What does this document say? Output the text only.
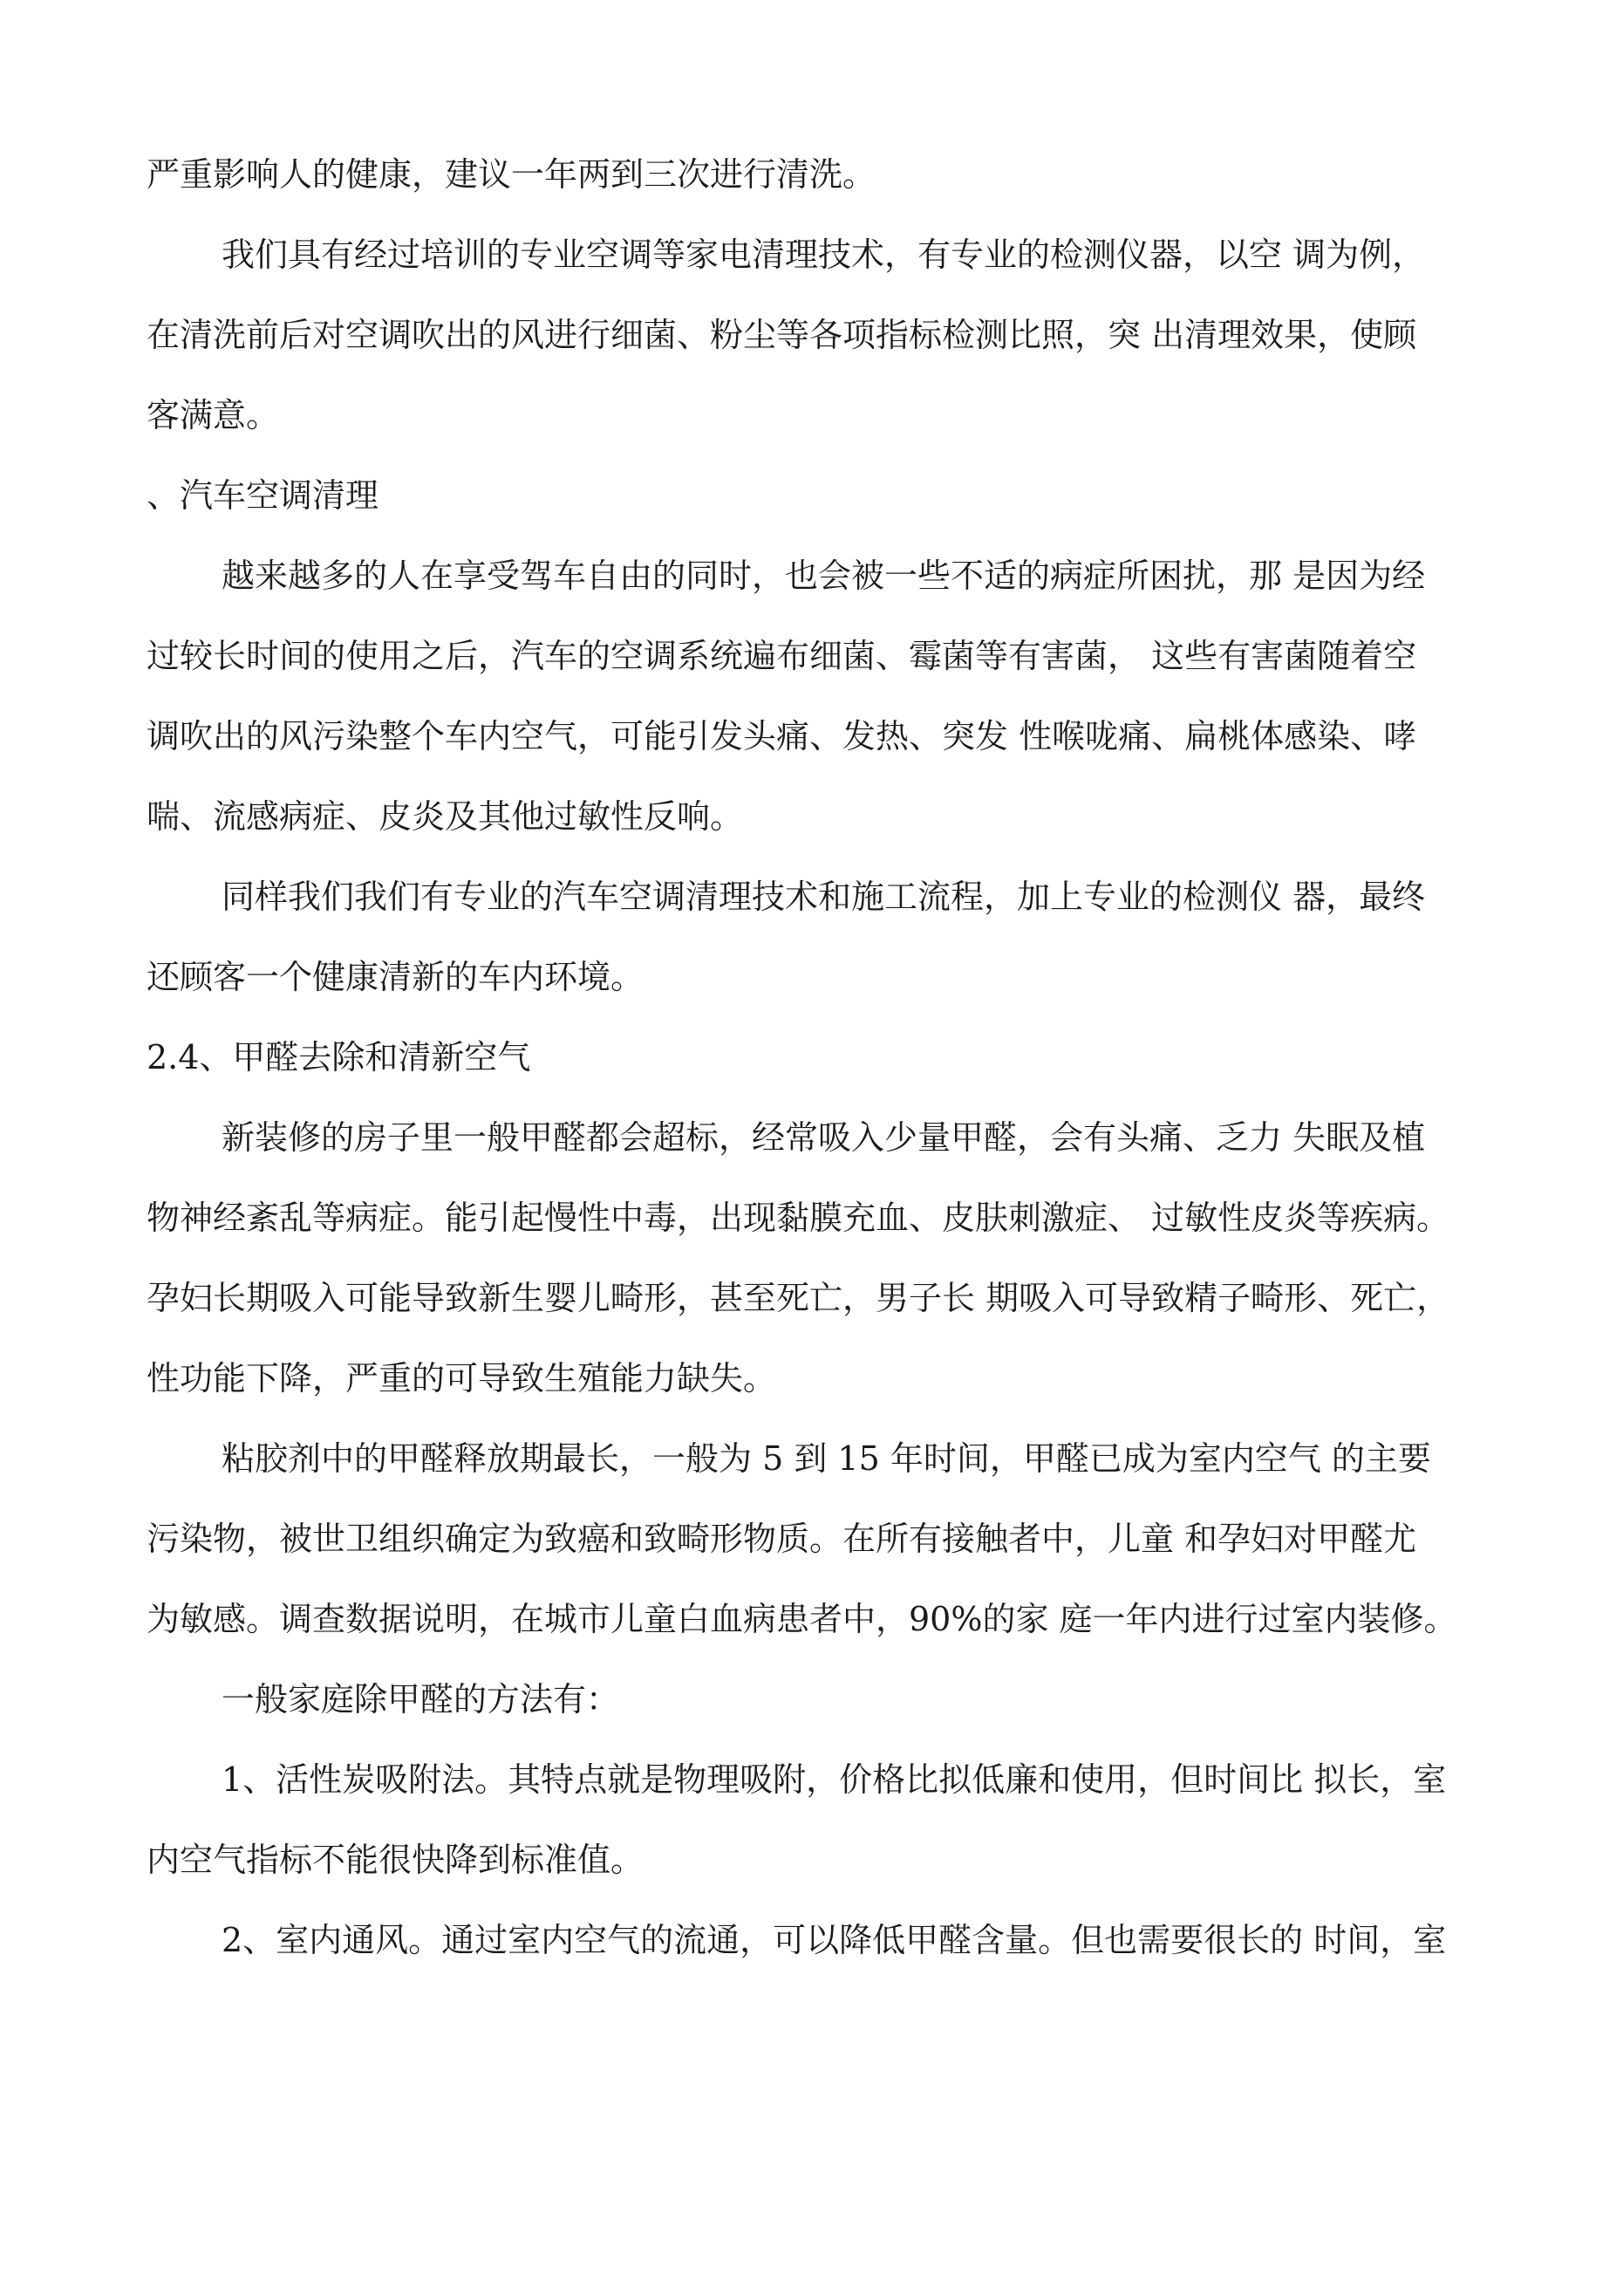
严重影响人的健康，建议一年两到三次进行清洗。
我们具有经过培训的专业空调等家电清理技术，有专业的检测仪器，以空 调为例，
在清洗前后对空调吹出的风进行细菌、粉尘等各项指标检测比照，突 出清理效果，使顾
客满意。
、汽车空调清理
越来越多的人在享受驾车自由的同时，也会被一些不适的病症所困扰，那 是因为经
过较长时间的使用之后，汽车的空调系统遍布细菌、霉菌等有害菌， 这些有害菌随着空
调吹出的风污染整个车内空气，可能引发头痛、发热、突发 性喉咙痛、扁桃体感染、哮
喘、流感病症、皮炎及其他过敏性反响。
同样我们我们有专业的汽车空调清理技术和施工流程，加上专业的检测仪 器，最终
还顾客一个健康清新的车内环境。
2.4、甲醛去除和清新空气
新装修的房子里一般甲醛都会超标，经常吸入少量甲醛，会有头痛、乏力 失眠及植
物神经紊乱等病症。能引起慢性中毒，出现黏膜充血、皮肤刺激症、 过敏性皮炎等疾病。
孕妇长期吸入可能导致新生婴儿畸形，甚至死亡，男子长 期吸入可导致精子畸形、死亡，
性功能下降，严重的可导致生殖能力缺失。
粘胶剂中的甲醛释放期最长，一般为 5 到 15 年时间，甲醛已成为室内空气 的主要
污染物，被世卫组织确定为致癌和致畸形物质。在所有接触者中，儿童 和孕妇对甲醛尤
为敏感。调查数据说明，在城市儿童白血病患者中，90%的家 庭一年内进行过室内装修。
一般家庭除甲醛的方法有：
1、活性炭吸附法。其特点就是物理吸附，价格比拟低廉和使用，但时间比 拟长，室
内空气指标不能很快降到标准值。
2、室内通风。通过室内空气的流通，可以降低甲醛含量。但也需要很长的 时间，室
